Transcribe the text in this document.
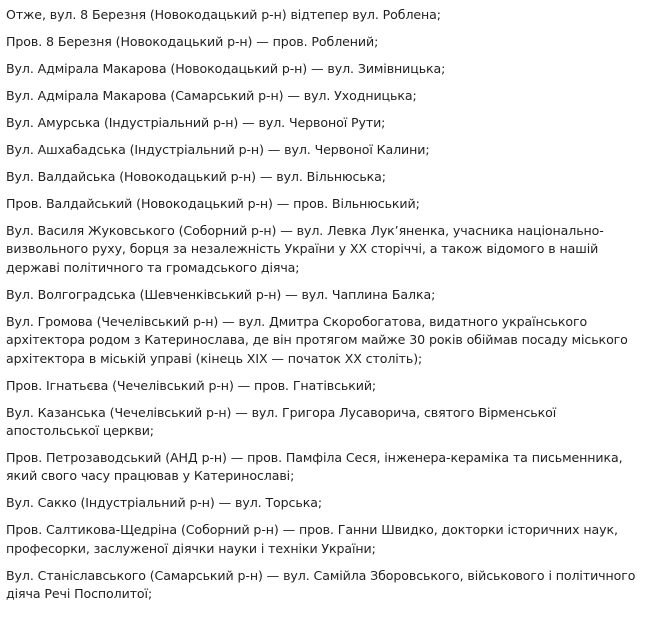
Отже, вул. 8 Березня (Новокодацький р-н) відтепер вул. Роблена;

Пров. 8 Березня (Новокодацький р-н) — пров. Роблений;

Вул. Адмірала Макарова (Новокодацький р-н) — вул. Зимівницька;

Вул. Адмірала Макарова (Самарський р-н) — вул. Уходницька;

Вул. Амурська (Індустріальний р-н) — вул. Червоної Рути;

Вул. Ашхабадська (Індустріальний р-н) — вул. Червоної Калини;

Вул. Валдайська (Новокодацький р-н) — вул. Вільнюська;

Пров. Валдайський (Новокодацький р-н) — пров. Вільнюський;

Вул. Василя Жуковського (Соборний р-н) — вул. Левка Лук’яненка, учасника національно-визвольного руху, борця за незалежність України у XX сторіччі, а також відомого в нашій державі політичного та громадського діяча;

Вул. Волгоградська (Шевченківський р-н) — вул. Чаплина Балка;

Вул. Громова (Чечелівський р-н) — вул. Дмитра Скоробогатова, видатного українського архітектора родом з Катеринослава, де він протягом майже 30 років обіймав посаду міського архітектора в міській управі (кінець XIX — початок XX століть);

Пров. Ігнатьєва (Чечелівський р-н) — пров. Гнатівський;

Вул. Казанська (Чечелівський р-н) — вул. Григора Лусаворича, святого Вірменської апостольської церкви;

Пров. Петрозаводський (АНД р-н) — пров. Памфіла Сеся, інженера-кераміка та письменника, який свого часу працював у Катеринославі;

Вул. Сакко (Індустріальний р-н) — вул. Торська;

Пров. Салтикова-Щедріна (Соборний р-н) — пров. Ганни Швидко, докторки історичних наук, професорки, заслуженої діячки науки і техніки України;

Вул. Станіславського (Самарський р-н) — вул. Самійла Зборовського, військового і політичного діяча Речі Посполитої;
